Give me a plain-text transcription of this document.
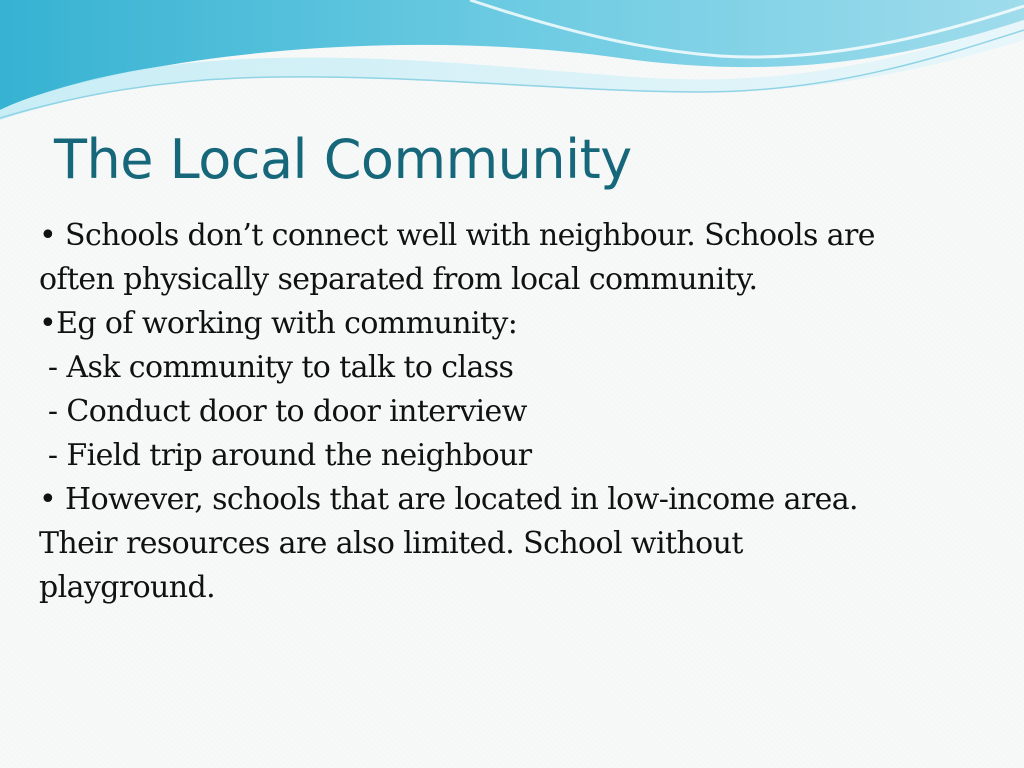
The Local Community
• Schools don’t connect well with neighbour. Schools are
often physically separated from local community.
•Eg of working with community:
- Ask community to talk to class
- Conduct door to door interview
- Field trip around the neighbour
• However, schools that are located in low-income area.
Their resources are also limited. School without
playground.
